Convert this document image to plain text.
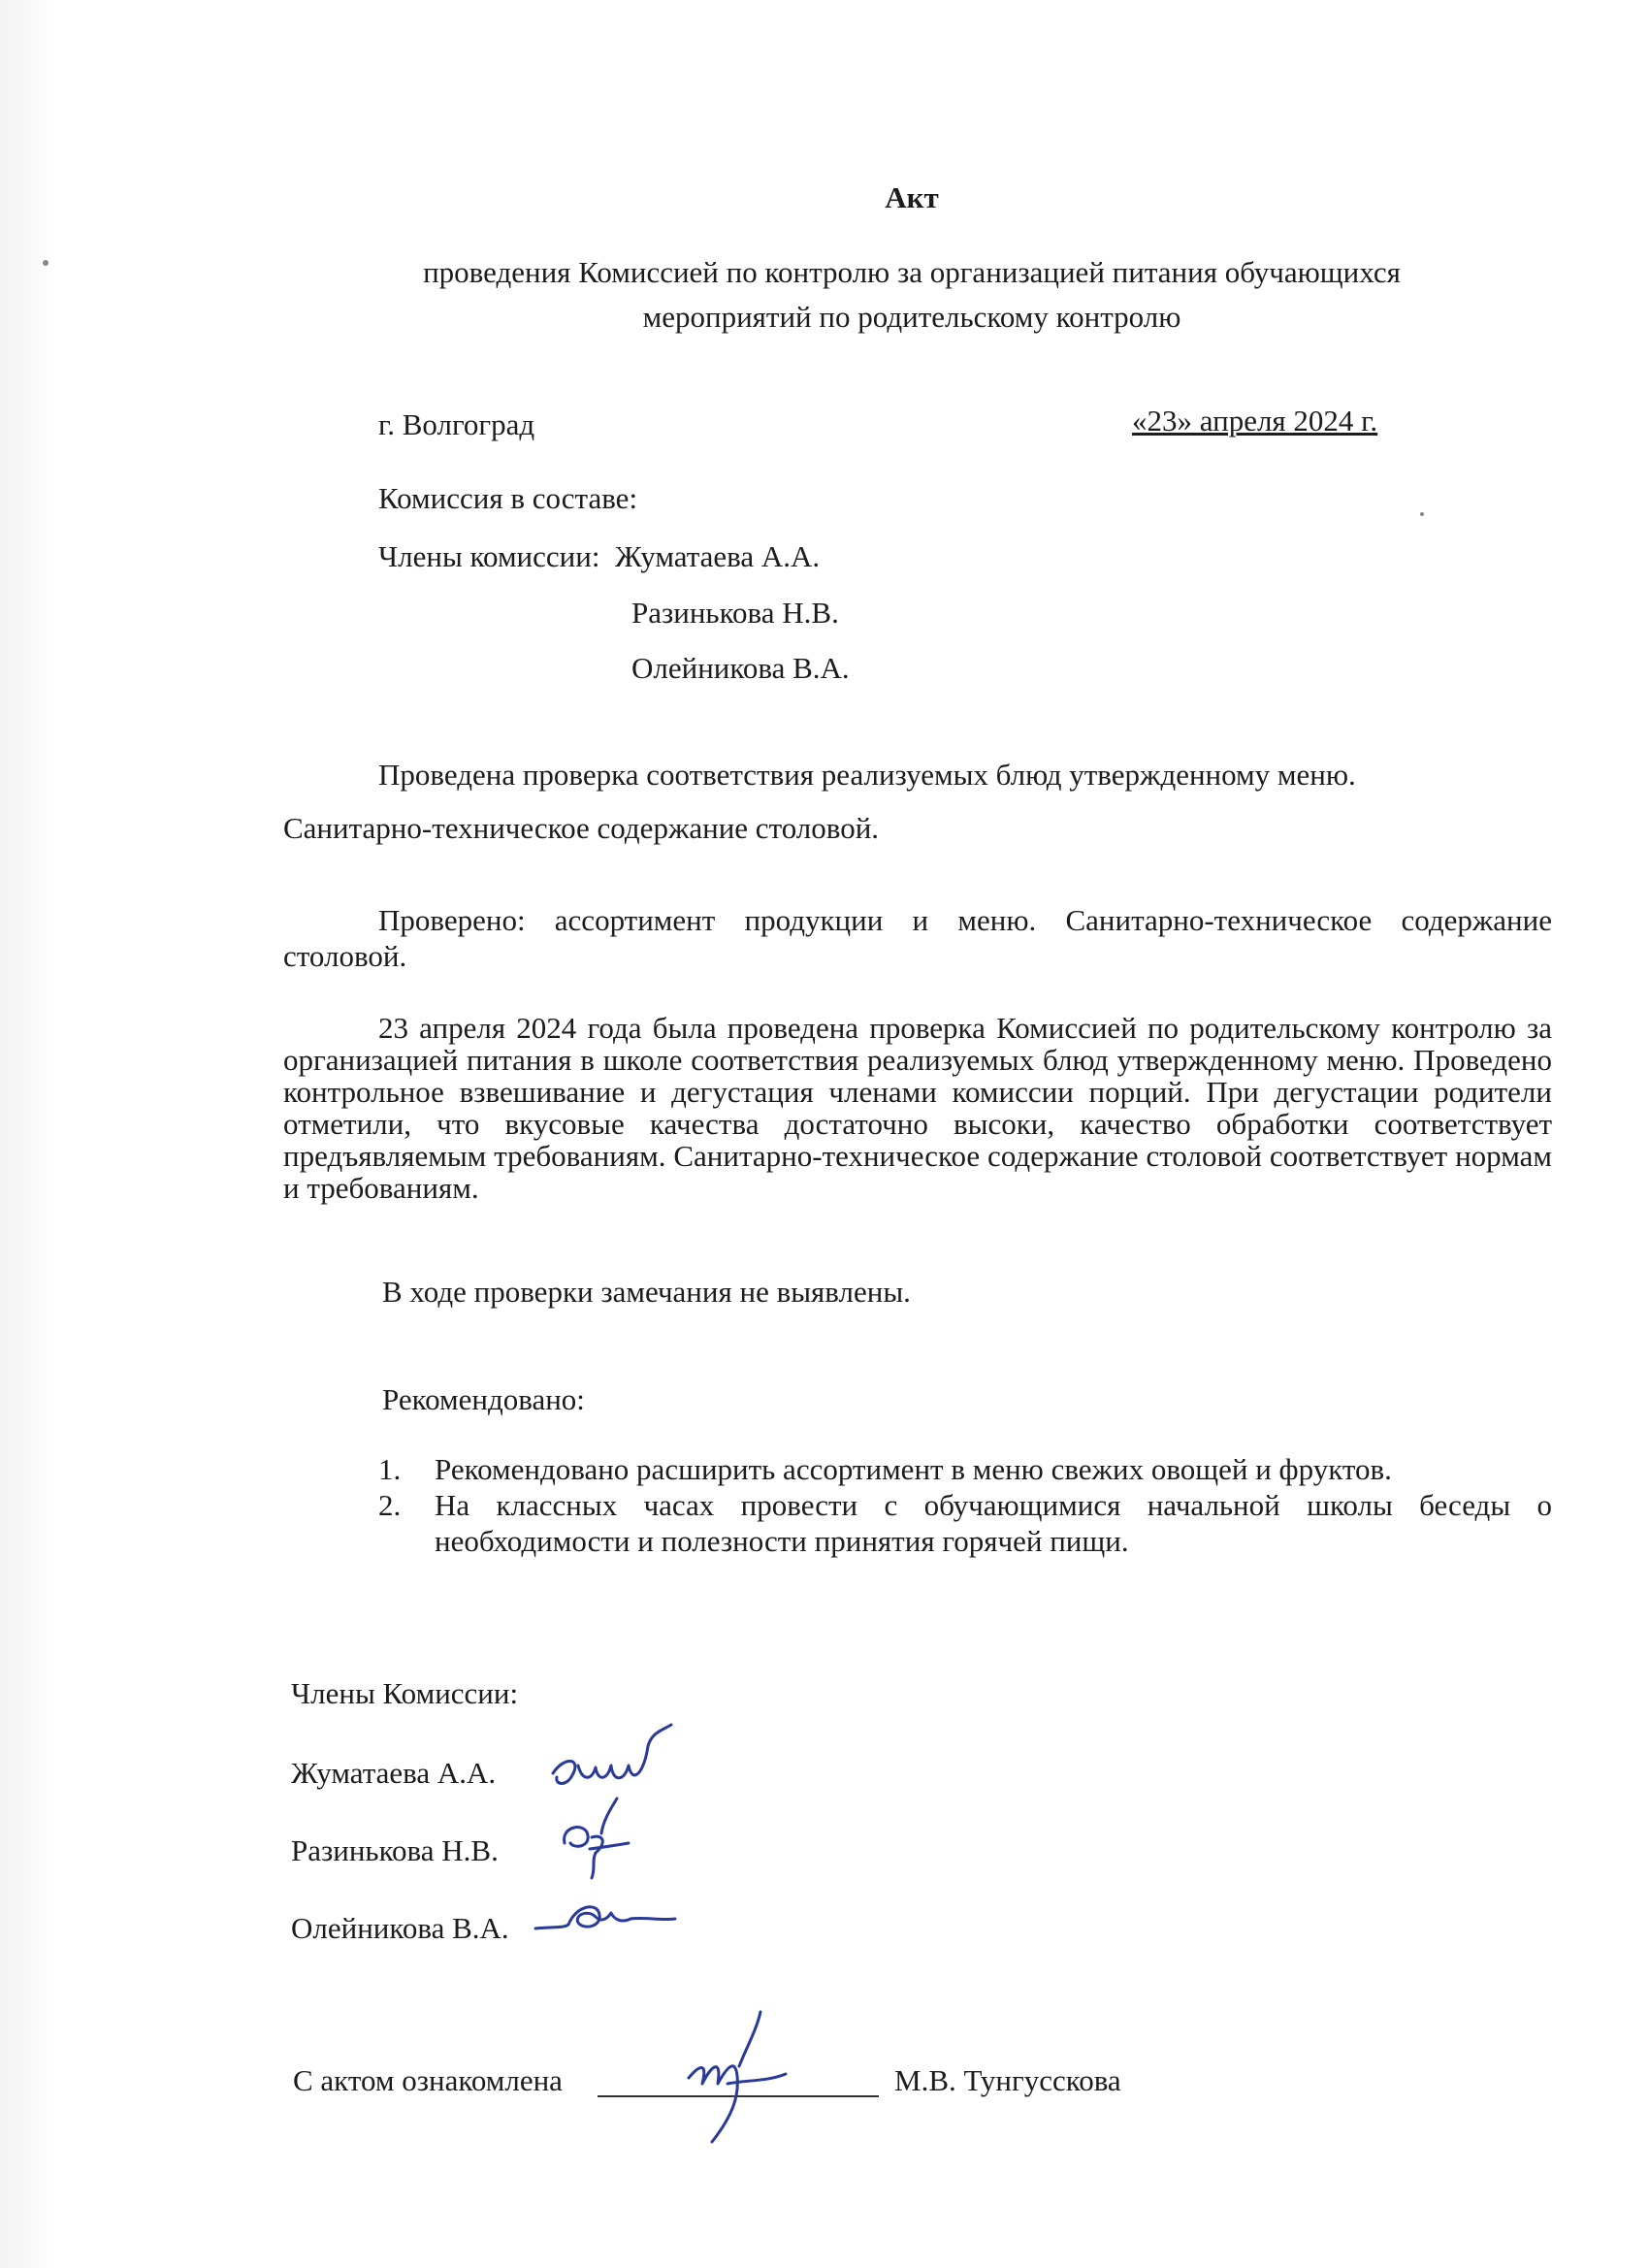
Акт
проведения Комиссией по контролю за организацией питания обучающихся
мероприятий по родительскому контролю
г. Волгоград	«23» апреля 2024 г.
Комиссия в составе:
Члены комиссии: Жуматаева А.А.
Разинькова Н.В.
Олейникова В.А.
Проведена проверка соответствия реализуемых блюд утвержденному меню.
Санитарно-техническое содержание столовой.
Проверено: ассортимент продукции и меню. Санитарно-техническое содержание столовой.
23 апреля 2024 года была проведена проверка Комиссией по родительскому контролю за организацией питания в школе соответствия реализуемых блюд утвержденному меню. Проведено контрольное взвешивание и дегустация членами комиссии порций. При дегустации родители отметили, что вкусовые качества достаточно высоки, качество обработки соответствует предъявляемым требованиям. Санитарно-техническое содержание столовой соответствует нормам и требованиям.
В ходе проверки замечания не выявлены.
Рекомендовано:
1. Рекомендовано расширить ассортимент в меню свежих овощей и фруктов.
2. На классных часах провести с обучающимися начальной школы беседы о необходимости и полезности принятия горячей пищи.
Члены Комиссии:
Жуматаева А.А.
Разинькова Н.В.
Олейникова В.А.
С актом ознакомлена	М.В. Тунгусскова
